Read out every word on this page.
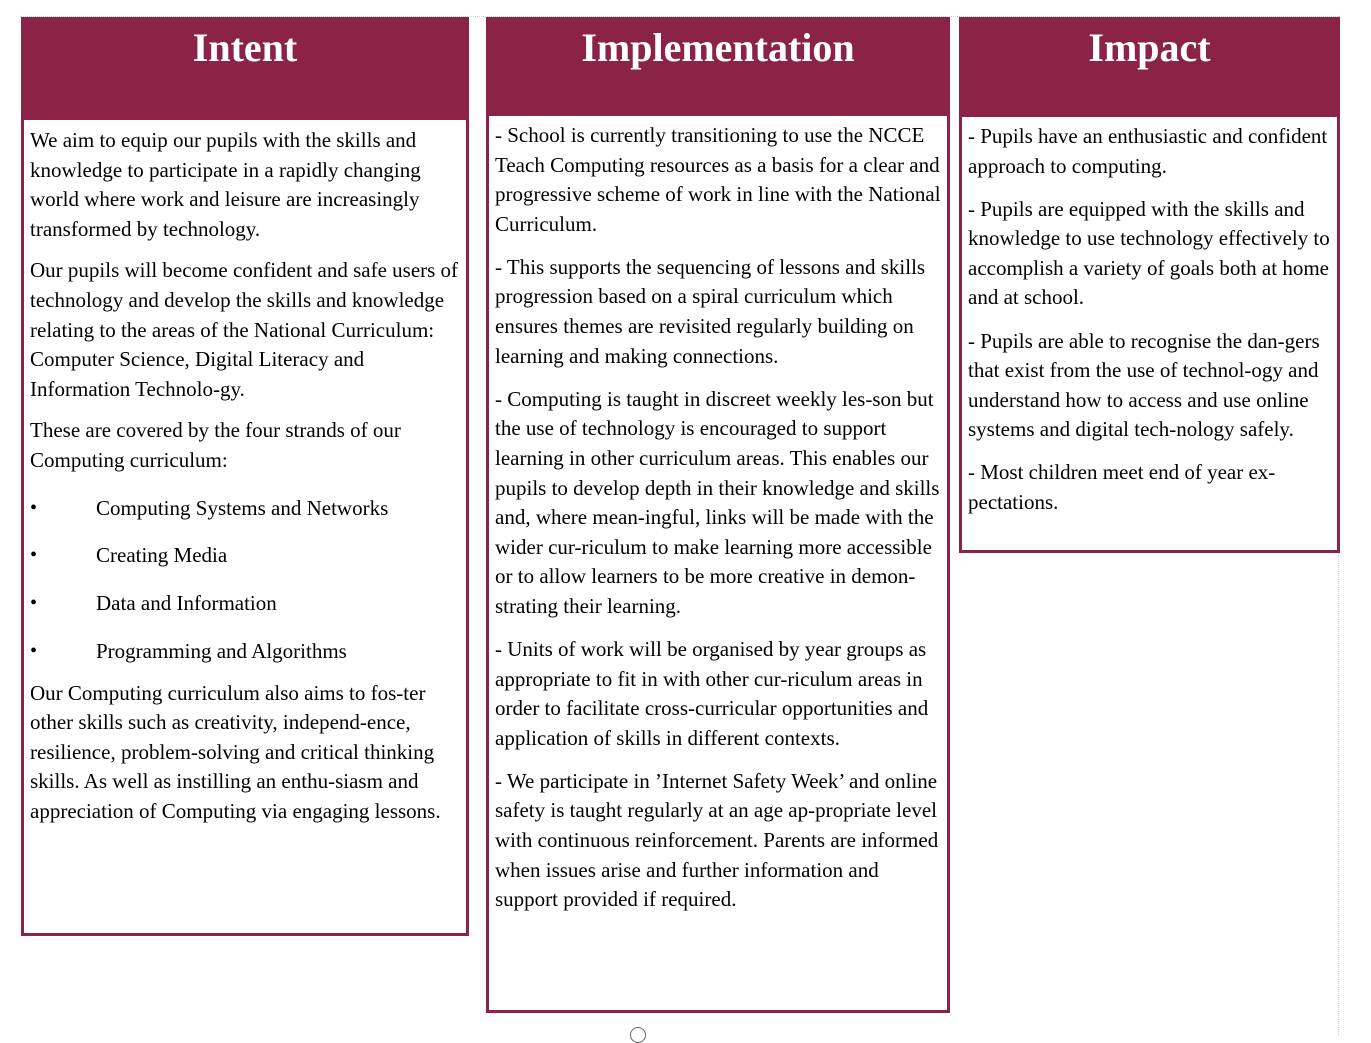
Intent

We aim to equip our pupils with the skills and knowledge to participate in a rapidly changing world where work and leisure are increasingly transformed by technology.

Our pupils will become confident and safe users of technology and develop the skills and knowledge relating to the areas of the National Curriculum: Computer Science, Digital Literacy and Information Technolo-gy.

These are covered by the four strands of our Computing curriculum:

•	Computing Systems and Networks
•	Creating Media
•	Data and Information
•	Programming and Algorithms

Our Computing curriculum also aims to fos-ter other skills such as creativity, independ-ence, resilience, problem-solving and critical thinking skills. As well as instilling an enthu-siasm and appreciation of Computing via engaging lessons.

Implementation

- School is currently transitioning to use the NCCE Teach Computing resources as a basis for a clear and progressive scheme of work in line with the National Curriculum.

- This supports the sequencing of lessons and skills progression based on a spiral curriculum which ensures themes are revisited regularly building on learning and making connections.

- Computing is taught in discreet weekly les-son but the use of technology is encouraged to support learning in other curriculum areas. This enables our pupils to develop depth in their knowledge and skills and, where mean-ingful, links will be made with the wider cur-riculum to make learning more accessible or to allow learners to be more creative in demon-strating their learning.

- Units of work will be organised by year groups as appropriate to fit in with other cur-riculum areas in order to facilitate cross-curricular opportunities and application of skills in different contexts.

- We participate in ’Internet Safety Week’ and online safety is taught regularly at an age ap-propriate level with continuous reinforcement. Parents are informed when issues arise and further information and support provided if required.

Impact

- Pupils have an enthusiastic and confident approach to computing.

- Pupils are equipped with the skills and knowledge to use technology effectively to accomplish a variety of goals both at home and at school.

- Pupils are able to recognise the dan-gers that exist from the use of technol-ogy and understand how to access and use online systems and digital tech-nology safely.

- Most children meet end of year ex-pectations.
